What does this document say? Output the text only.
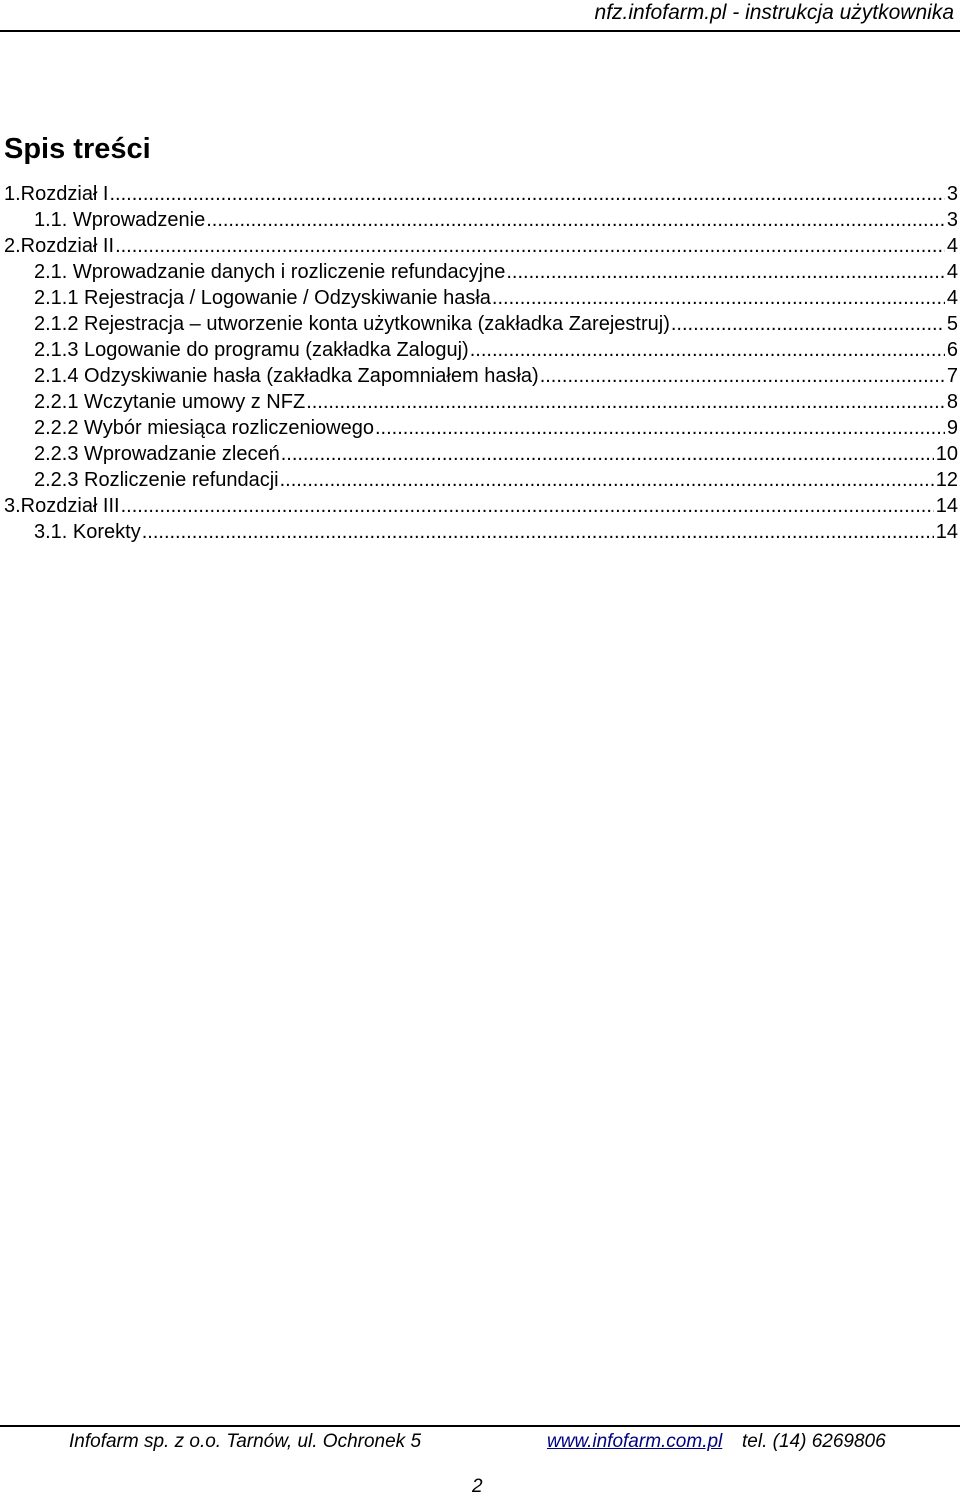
nfz.infofarm.pl - instrukcja użytkownika
Spis treści
1.Rozdział I .....	3
1.1. Wprowadzenie .....	3
2.Rozdział II .....	4
2.1. Wprowadzanie danych i rozliczenie refundacyjne .....	4
2.1.1 Rejestracja / Logowanie / Odzyskiwanie hasła .....	4
2.1.2 Rejestracja – utworzenie konta użytkownika (zakładka Zarejestruj) .....	5
2.1.3 Logowanie do programu (zakładka Zaloguj) .....	6
2.1.4 Odzyskiwanie hasła (zakładka Zapomniałem hasła) .....	7
2.2.1 Wczytanie umowy z NFZ .....	8
2.2.2 Wybór miesiąca rozliczeniowego .....	9
2.2.3 Wprowadzanie zleceń .....	10
2.2.3 Rozliczenie refundacji .....	12
3.Rozdział III .....	14
3.1. Korekty .....	14
Infofarm sp. z o.o. Tarnów, ul. Ochronek 5	www.infofarm.com.pl tel. (14) 6269806
2
